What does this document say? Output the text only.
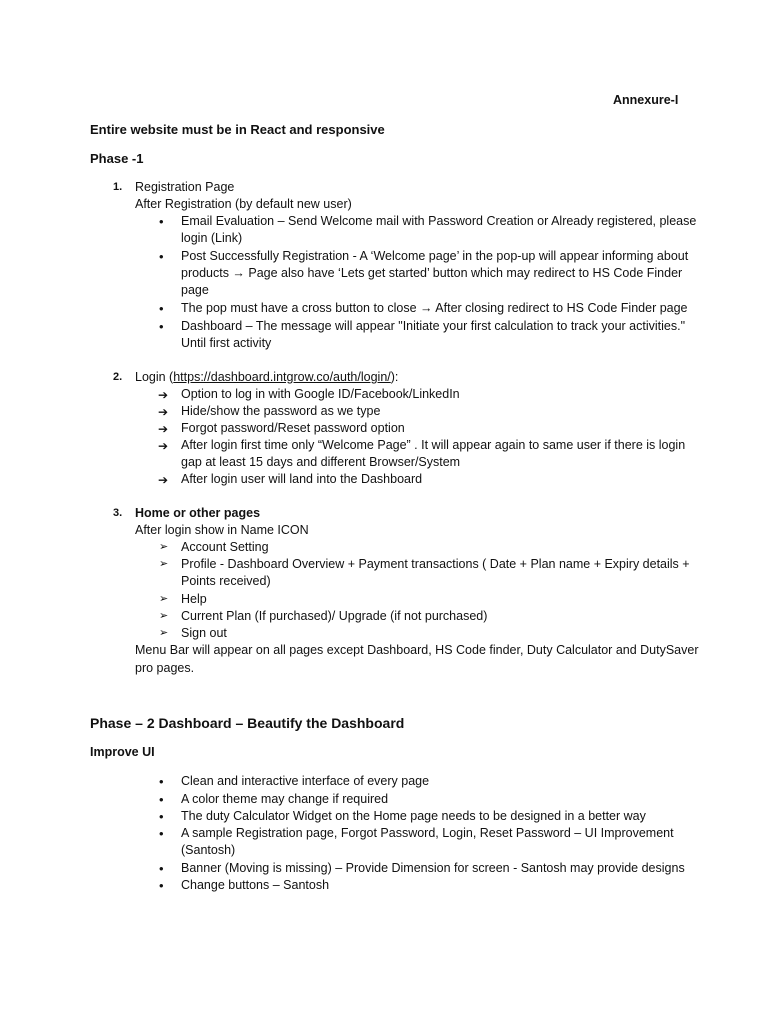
Annexure-I
Entire website must be in React and responsive
Phase -1
1. Registration Page
After Registration (by default new user)
• Email Evaluation – Send Welcome mail with Password Creation or Already registered, please
login (Link)
• Post Successfully Registration - A ‘Welcome page’ in the pop-up will appear informing about
products → Page also have ‘Lets get started’ button which may redirect to HS Code Finder
page
• The pop must have a cross button to close → After closing redirect to HS Code Finder page
• Dashboard – The message will appear "Initiate your first calculation to track your activities."
Until first activity
2. Login (https://dashboard.intgrow.co/auth/login/):
➔ Option to log in with Google ID/Facebook/LinkedIn
➔ Hide/show the password as we type
➔ Forgot password/Reset password option
➔ After login first time only “Welcome Page” . It will appear again to same user if there is login
gap at least 15 days and different Browser/System
➔ After login user will land into the Dashboard
3. Home or other pages
After login show in Name ICON
➢ Account Setting
➢ Profile - Dashboard Overview + Payment transactions ( Date + Plan name + Expiry details +
Points received)
➢ Help
➢ Current Plan (If purchased)/ Upgrade (if not purchased)
➢ Sign out
Menu Bar will appear on all pages except Dashboard, HS Code finder, Duty Calculator and DutySaver
pro pages.
Phase – 2 Dashboard – Beautify the Dashboard
Improve UI
• Clean and interactive interface of every page
• A color theme may change if required
• The duty Calculator Widget on the Home page needs to be designed in a better way
• A sample Registration page, Forgot Password, Login, Reset Password – UI Improvement
(Santosh)
• Banner (Moving is missing) – Provide Dimension for screen - Santosh may provide designs
• Change buttons – Santosh
